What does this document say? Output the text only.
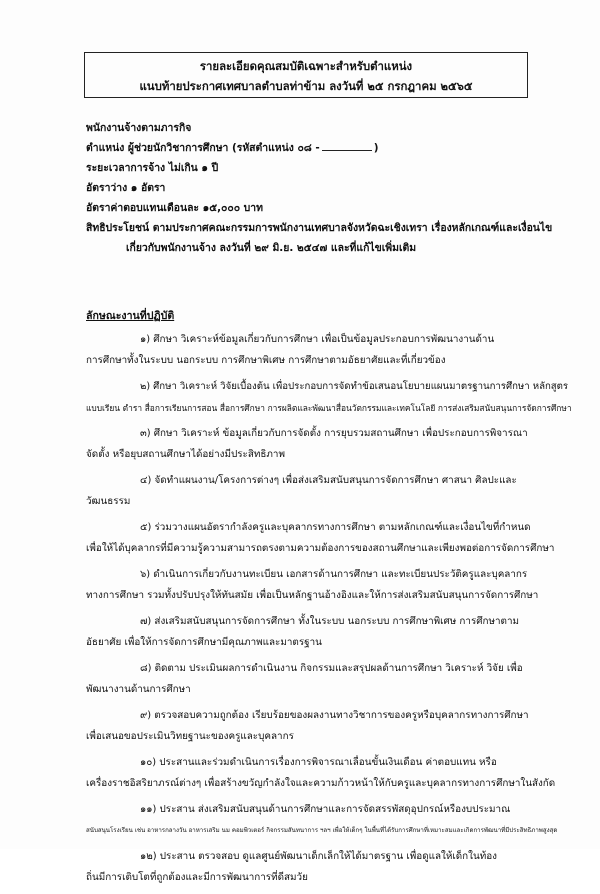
รายละเอียดคุณสมบัติเฉพาะสำหรับตำแหน่ง
แนบท้ายประกาศเทศบาลตำบลท่าข้าม ลงวันที่ ๒๕ กรกฎาคม ๒๕๖๕
พนักงานจ้างตามภารกิจ
ตำแหน่ง ผู้ช่วยนักวิชาการศึกษา (รหัสตำแหน่ง ๐๘ -	)
ระยะเวลาการจ้าง ไม่เกิน ๑ ปี
อัตราว่าง ๑ อัตรา
อัตราค่าตอบแทนเดือนละ ๑๕,๐๐๐ บาท
สิทธิประโยชน์ ตามประกาศคณะกรรมการพนักงานเทศบาลจังหวัดฉะเชิงเทรา เรื่องหลักเกณฑ์และเงื่อนไข
เกี่ยวกับพนักงานจ้าง ลงวันที่ ๒๙ มิ.ย. ๒๕๔๗ และที่แก้ไขเพิ่มเติม
ลักษณะงานที่ปฏิบัติ
๑) ศึกษา วิเคราะห์ข้อมูลเกี่ยวกับการศึกษา เพื่อเป็นข้อมูลประกอบการพัฒนางานด้าน
การศึกษาทั้งในระบบ นอกระบบ การศึกษาพิเศษ การศึกษาตามอัธยาศัยและที่เกี่ยวข้อง
๒) ศึกษา วิเคราะห์ วิจัยเบื้องต้น เพื่อประกอบการจัดทำข้อเสนอนโยบายแผนมาตรฐานการศึกษา หลักสูตร
แบบเรียน ตำรา สื่อการเรียนการสอน สื่อการศึกษา การผลิตและพัฒนาสื่อนวัตกรรมและเทคโนโลยี การส่งเสริมสนับสนุนการจัดการศึกษา
๓) ศึกษา วิเคราะห์ ข้อมูลเกี่ยวกับการจัดตั้ง การยุบรวมสถานศึกษา เพื่อประกอบการพิจารณา
จัดตั้ง หรือยุบสถานศึกษาได้อย่างมีประสิทธิภาพ
๔) จัดทำแผนงาน/โครงการต่างๆ เพื่อส่งเสริมสนับสนุนการจัดการศึกษา ศาสนา ศิลปะและ
วัฒนธรรม
๕) ร่วมวางแผนอัตรากำลังครูและบุคลากรทางการศึกษา ตามหลักเกณฑ์และเงื่อนไขที่กำหนด
เพื่อให้ได้บุคลากรที่มีความรู้ความสามารถตรงตามความต้องการของสถานศึกษาและเพียงพอต่อการจัดการศึกษา
๖) ดำเนินการเกี่ยวกับงานทะเบียน เอกสารด้านการศึกษา และทะเบียนประวัติครูและบุคลากร
ทางการศึกษา รวมทั้งปรับปรุงให้ทันสมัย เพื่อเป็นหลักฐานอ้างอิงและให้การส่งเสริมสนับสนุนการจัดการศึกษา
๗) ส่งเสริมสนับสนุนการจัดการศึกษา ทั้งในระบบ นอกระบบ การศึกษาพิเศษ การศึกษาตาม
อัธยาศัย เพื่อให้การจัดการศึกษามีคุณภาพและมาตรฐาน
๘) ติดตาม ประเมินผลการดำเนินงาน กิจกรรมและสรุปผลด้านการศึกษา วิเคราะห์ วิจัย เพื่อ
พัฒนางานด้านการศึกษา
๙) ตรวจสอบความถูกต้อง เรียบร้อยของผลงานทางวิชาการของครูหรือบุคลากรทางการศึกษา
เพื่อเสนอขอประเมินวิทยฐานะของครูและบุคลากร
๑๐) ประสานและร่วมดำเนินการเรื่องการพิจารณาเลื่อนขั้นเงินเดือน ค่าตอบแทน หรือ
เครื่องราชอิสริยาภรณ์ต่างๆ เพื่อสร้างขวัญกำลังใจและความก้าวหน้าให้กับครูและบุคลากรทางการศึกษาในสังกัด
๑๑) ประสาน ส่งเสริมสนับสนุนด้านการศึกษาและการจัดสรรพัสดุอุปกรณ์หรืองบประมาณ
สนับสนุนโรงเรียน เช่น อาหารกลางวัน อาหารเสริม นม คอมพิวเตอร์ กิจกรรมสันทนาการ ฯลฯ เพื่อให้เด็กๆ ในพื้นที่ได้รับการศึกษาที่เหมาะสมและเกิดการพัฒนาที่มีประสิทธิภาพสูงสุด
๑๒) ประสาน ตรวจสอบ ดูแลศูนย์พัฒนาเด็กเล็กให้ได้มาตรฐาน เพื่อดูแลให้เด็กในท้อง
ถิ่นมีการเติบโตที่ถูกต้องและมีการพัฒนาการที่ดีสมวัย
